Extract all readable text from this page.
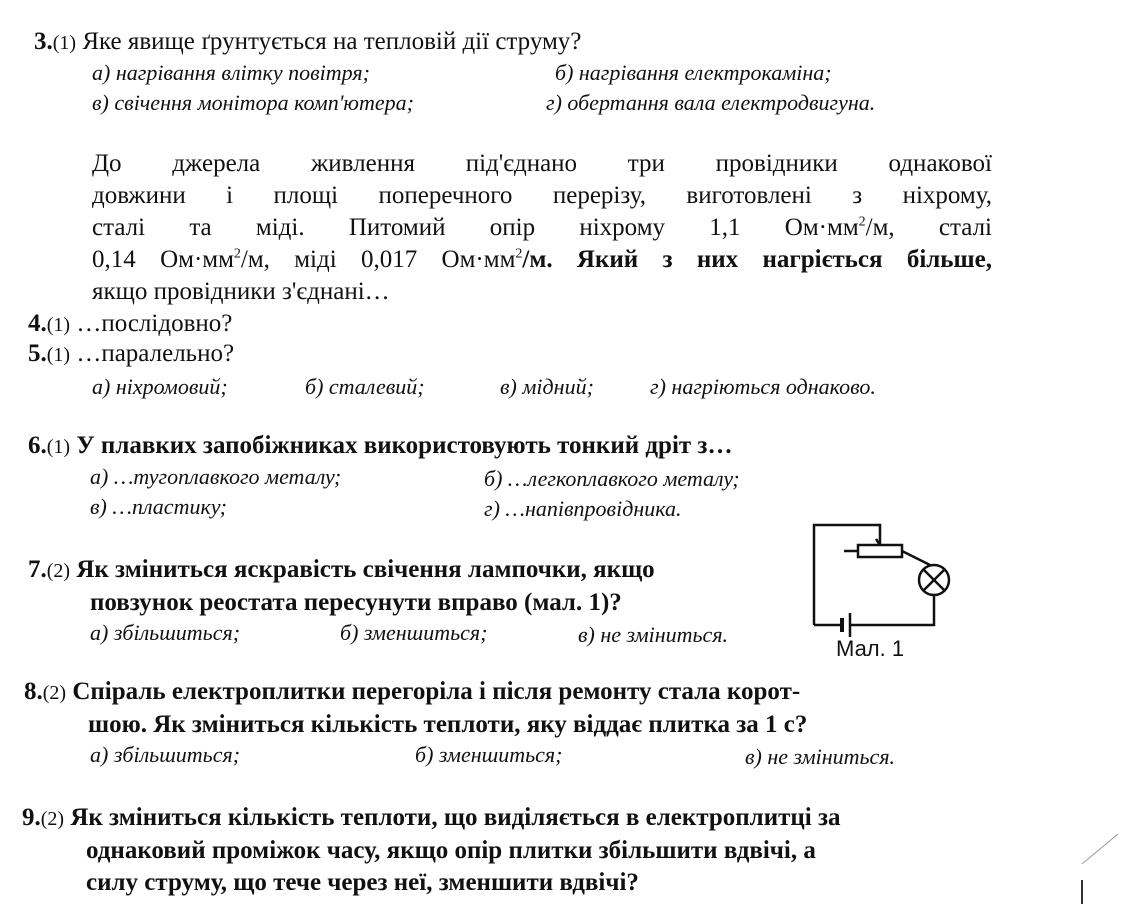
3.(1) Яке явище ґрунтується на тепловій дії струму?
а) нагрівання влітку повітря;	б) нагрівання електрокаміна;
в) свічення монітора комп'ютера;	г) обертання вала електродвигуна.
До джерела живлення під'єднано три провідники однакової
довжини і площі поперечного перерізу, виготовлені з ніхрому,
сталі та міді. Питомий опір ніхрому 1,1 $Ом\cdot мм^2/м$, сталі
0,14 $Ом\cdot мм^2/м$, міді 0,017 $Ом\cdot мм^2/м$. Який з них нагріється більше,
якщо провідники з'єднані…
4.(1) …послідовно?
5.(1) …паралельно?
а) ніхромовий;	б) сталевий;	в) мідний;	г) нагріються однаково.
6.(1) У плавких запобіжниках використовують тонкий дріт з…
а) …тугоплавкого металу;	б) …легкоплавкого металу;
в) …пластику;	г) …напівпровідника.
7.(2) Як зміниться яскравість свічення лампочки, якщо
повзунок реостата пересунути вправо (мал. 1)?
а) збільшиться;	б) зменшиться;	в) не зміниться.
Мал. 1
8.(2) Спіраль електроплитки перегоріла і після ремонту стала корот-
шою. Як зміниться кількість теплоти, яку віддає плитка за 1 с?
а) збільшиться;	б) зменшиться;	в) не зміниться.
9.(2) Як зміниться кількість теплоти, що виділяється в електроплитці за
однаковий проміжок часу, якщо опір плитки збільшити вдвічі, а
силу струму, що тече через неї, зменшити вдвічі?
